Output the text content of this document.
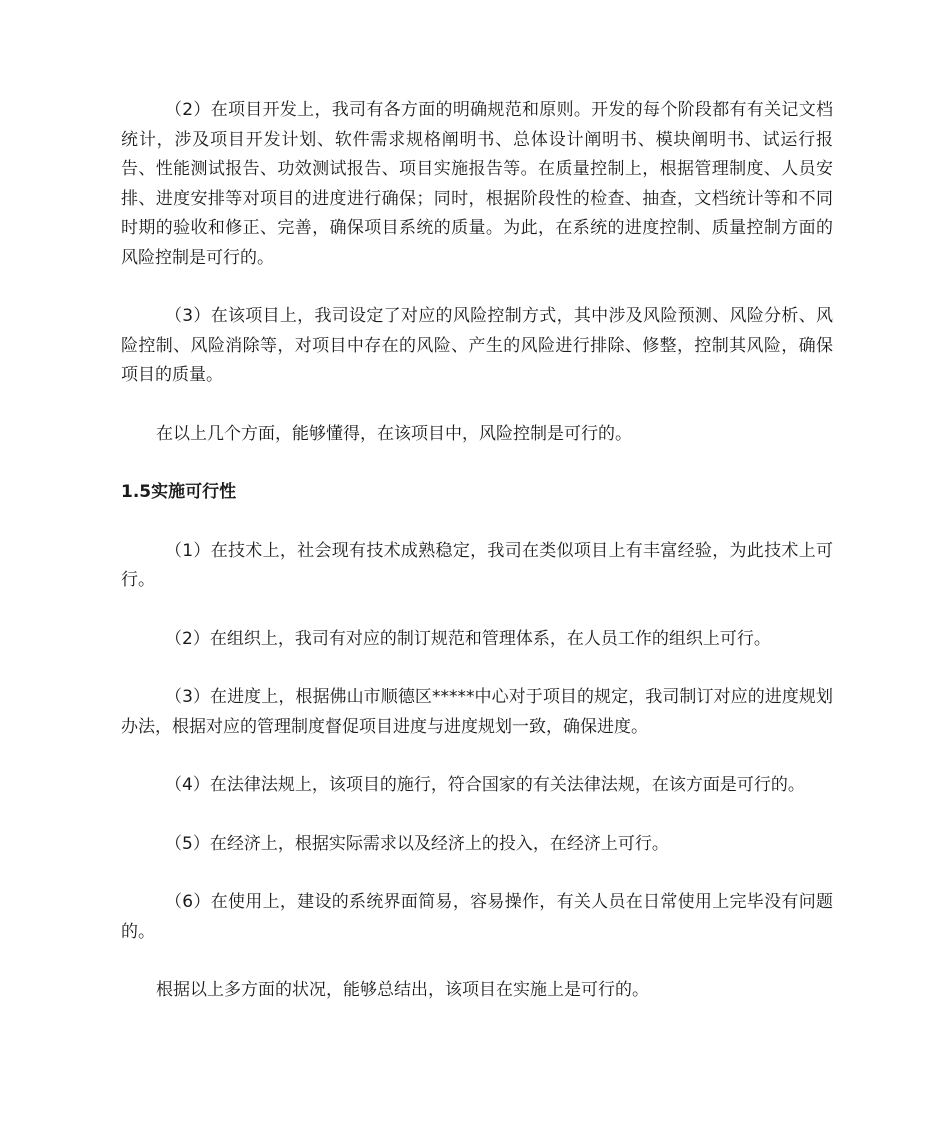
（2）在项目开发上，我司有各方面的明确规范和原则。开发的每个阶段都有有关记文档统计，涉及项目开发计划、软件需求规格阐明书、总体设计阐明书、模块阐明书、试运行报告、性能测试报告、功效测试报告、项目实施报告等。在质量控制上，根据管理制度、人员安排、进度安排等对项目的进度进行确保；同时，根据阶段性的检查、抽查，文档统计等和不同时期的验收和修正、完善，确保项目系统的质量。为此，在系统的进度控制、质量控制方面的风险控制是可行的。

（3）在该项目上，我司设定了对应的风险控制方式，其中涉及风险预测、风险分析、风险控制、风险消除等，对项目中存在的风险、产生的风险进行排除、修整，控制其风险，确保项目的质量。

在以上几个方面，能够懂得，在该项目中，风险控制是可行的。

1.5实施可行性

（1）在技术上，社会现有技术成熟稳定，我司在类似项目上有丰富经验，为此技术上可行。

（2）在组织上，我司有对应的制订规范和管理体系，在人员工作的组织上可行。

（3）在进度上，根据佛山市顺德区*****中心对于项目的规定，我司制订对应的进度规划办法，根据对应的管理制度督促项目进度与进度规划一致，确保进度。

（4）在法律法规上，该项目的施行，符合国家的有关法律法规，在该方面是可行的。

（5）在经济上，根据实际需求以及经济上的投入，在经济上可行。

（6）在使用上，建设的系统界面简易，容易操作，有关人员在日常使用上完毕没有问题的。

根据以上多方面的状况，能够总结出，该项目在实施上是可行的。
